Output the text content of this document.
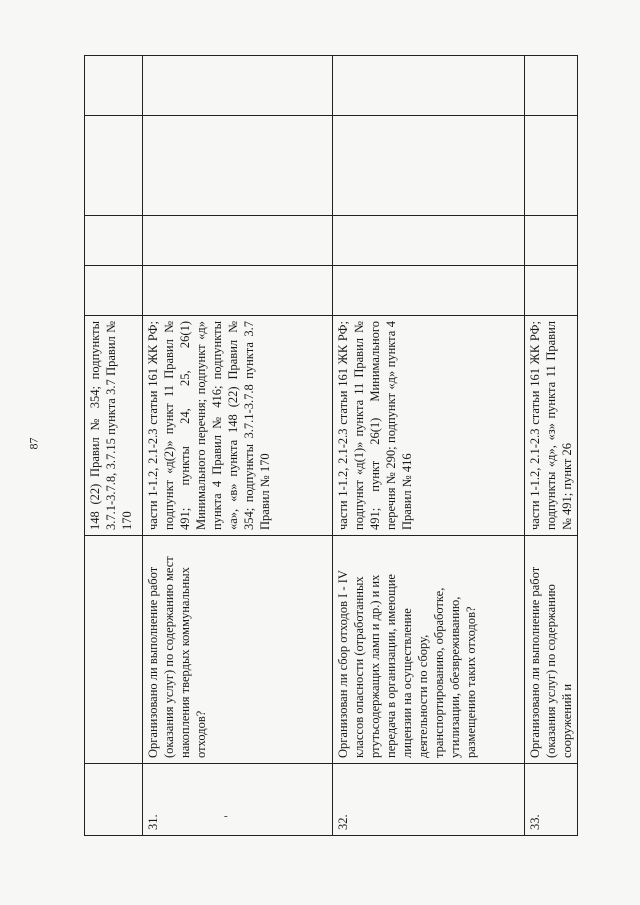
87
			148 (22) Правил № 354; подпункты 3.7.1-3.7.8, 3.7.15 пункта 3.7 Правил № 170				
31.	Организовано ли выполнение работ (оказания услуг) по содержанию мест накопления твердых коммунальных отходов?	части 1-1.2, 2.1-2.3 статьи 161 ЖК РФ; подпункт «д(2)» пункт 11 Правил № 491; пункты 24, 25, 26(1) Минимального перечня; подпункт «д» пункта 4 Правил № 416; подпункты «а», «в» пункта 148 (22) Правил № 354; подпункты 3.7.1-3.7.8 пункта 3.7 Правил № 170				
32.	Организован ли сбор отходов I - IV классов опасности (отработанных ртутьсодержащих ламп и др.) и их передача в организации, имеющие лицензии на осуществление деятельности по сбору, транспортированию, обработке, утилизации, обезвреживанию, размещению таких отходов?	части 1-1.2, 2.1-2.3 статьи 161 ЖК РФ; подпункт «д(1)» пункта 11 Правил № 491; пункт 26(1) Минимального перечня № 290; подпункт «д» пункта 4 Правил № 416				
33.	Организовано ли выполнение работ (оказания услуг) по содержанию сооружений и	части 1-1.2, 2.1-2.3 статьи 161 ЖК РФ; подпункты «д», «з» пункта 11 Правил № 491; пункт 26				
-
